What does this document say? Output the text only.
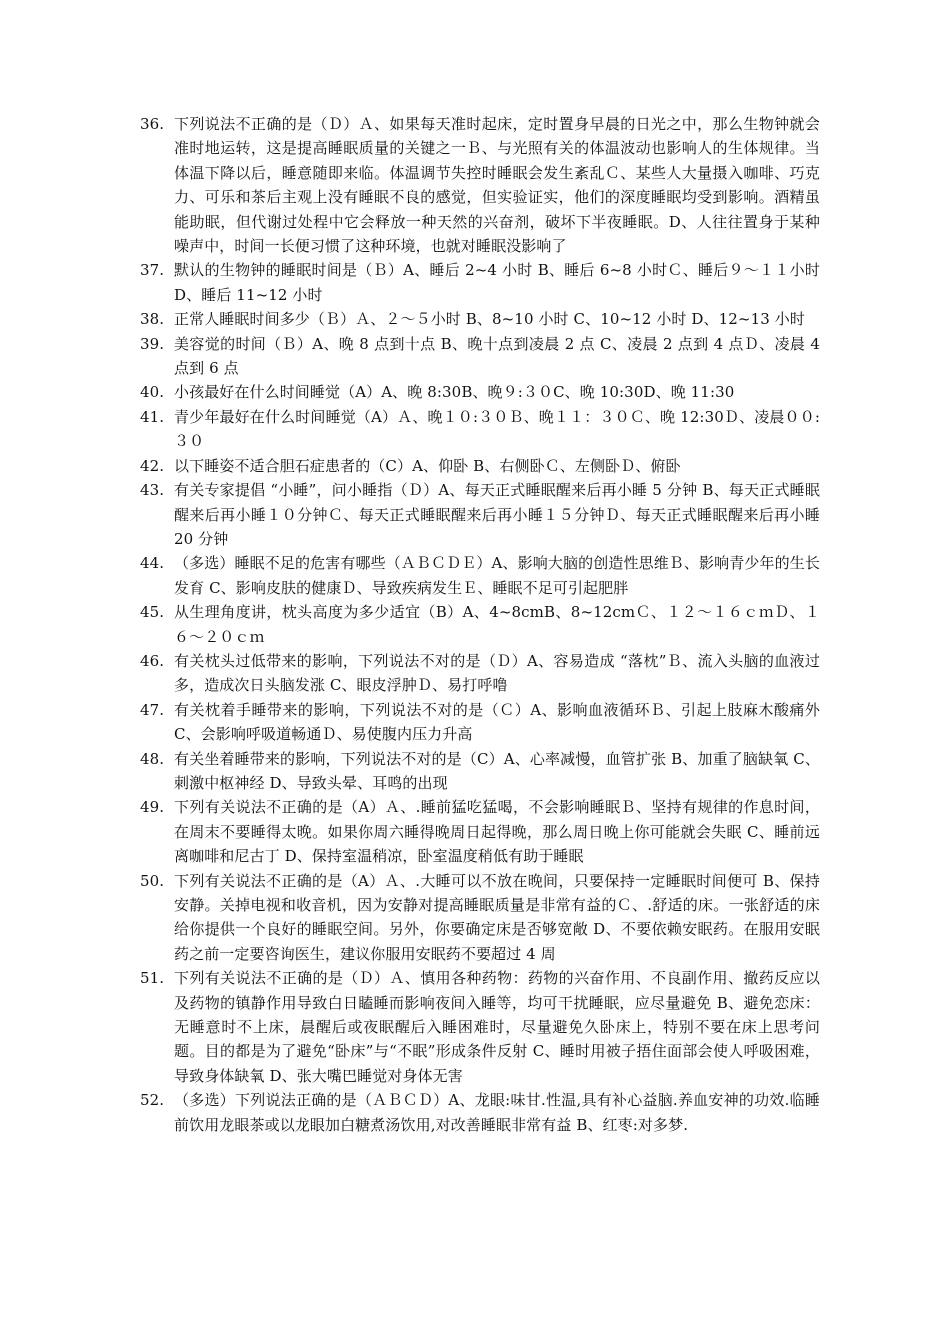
36. 下列说法不正确的是（Ｄ）Ａ、如果每天准时起床，定时置身早晨的日光之中，那么生物钟就会准时地运转，这是提高睡眠质量的关键之一Ｂ、与光照有关的体温波动也影响人的生体规律。当体温下降以后，睡意随即来临。体温调节失控时睡眠会发生紊乱Ｃ、某些人大量摄入咖啡、巧克力、可乐和茶后主观上没有睡眠不良的感觉，但实验证实，他们的深度睡眠均受到影响。酒精虽能助眠，但代谢过处程中它会释放一种天然的兴奋剂，破坏下半夜睡眠。D、人往往置身于某种噪声中，时间一长便习惯了这种环境，也就对睡眠没影响了
37. 默认的生物钟的睡眠时间是（Ｂ）A、睡后 2~4 小时 B、睡后 6~8 小时Ｃ、睡后９～１１小时 D、睡后 11~12 小时
38. 正常人睡眠时间多少（Ｂ）Ａ、２～５小时 B、8~10 小时 C、10~12 小时 D、12~13 小时
39. 美容觉的时间（Ｂ）A、晚 8 点到十点 B、晚十点到凌晨 2 点 C、凌晨 2 点到 4 点Ｄ、凌晨 4 点到 6 点
40. 小孩最好在什么时间睡觉（A）A、晚 8:30B、晚９:３０C、晚 10:30D、晚 11:30
41. 青少年最好在什么时间睡觉（A）Ａ、晚１０:３０Ｂ、晚１１：３０Ｃ、晚 12:30Ｄ、凌晨００:３０
42. 以下睡姿不适合胆石症患者的（C）A、仰卧 B、右侧卧Ｃ、左侧卧Ｄ、俯卧
43. 有关专家提倡 “小睡”，问小睡指（Ｄ）A、每天正式睡眠醒来后再小睡 5 分钟 B、每天正式睡眠醒来后再小睡１０分钟Ｃ、每天正式睡眠醒来后再小睡１５分钟Ｄ、每天正式睡眠醒来后再小睡 20 分钟
44. （多选）睡眠不足的危害有哪些（ＡＢＣＤＥ）A、影响大脑的创造性思维Ｂ、影响青少年的生长发育 C、影响皮肤的健康Ｄ、导致疾病发生Ｅ、睡眠不足可引起肥胖
45. 从生理角度讲，枕头高度为多少适宜（B）A、4~8cmB、8~12cmＣ、１２～１６ｃｍＤ、１６～２０ｃｍ
46. 有关枕头过低带来的影响，下列说法不对的是（Ｄ）A、容易造成 “落枕”Ｂ、流入头脑的血液过多，造成次日头脑发涨 C、眼皮浮肿Ｄ、易打呼噜
47. 有关枕着手睡带来的影响，下列说法不对的是（Ｃ）A、影响血液循环Ｂ、引起上肢麻木酸痛外 C、会影响呼吸道畅通Ｄ、易使腹内压力升高
48. 有关坐着睡带来的影响，下列说法不对的是（C）A、心率减慢，血管扩张 B、加重了脑缺氧 C、刺激中枢神经 D、导致头晕、耳鸣的出现
49. 下列有关说法不正确的是（A）Ａ、.睡前猛吃猛喝，不会影响睡眠Ｂ、坚持有规律的作息时间，在周末不要睡得太晚。如果你周六睡得晚周日起得晚，那么周日晚上你可能就会失眠 C、睡前远离咖啡和尼古丁 D、保持室温稍凉，卧室温度稍低有助于睡眠
50. 下列有关说法不正确的是（A）Ａ、.大睡可以不放在晚间，只要保持一定睡眠时间便可 B、保持安静。关掉电视和收音机，因为安静对提高睡眠质量是非常有益的Ｃ、.舒适的床。一张舒适的床给你提供一个良好的睡眠空间。另外，你要确定床是否够宽敞 D、不要依赖安眠药。在服用安眠药之前一定要咨询医生，建议你服用安眠药不要超过 4 周
51. 下列有关说法不正确的是（Ｄ）Ａ、慎用各种药物：药物的兴奋作用、不良副作用、撤药反应以及药物的镇静作用导致白日瞌睡而影响夜间入睡等，均可干扰睡眠，应尽量避免 B、避免恋床：无睡意时不上床，晨醒后或夜眠醒后入睡困难时，尽量避免久卧床上，特别不要在床上思考问题。目的都是为了避免“卧床”与“不眠”形成条件反射 C、睡时用被子捂住面部会使人呼吸困难，导致身体缺氧 D、张大嘴巴睡觉对身体无害
52. （多选）下列说法正确的是（ＡＢＣＤ）A、龙眼:味甘.性温,具有补心益脑.养血安神的功效.临睡前饮用龙眼茶或以龙眼加白糖煮汤饮用,对改善睡眠非常有益 B、红枣:对多梦.
